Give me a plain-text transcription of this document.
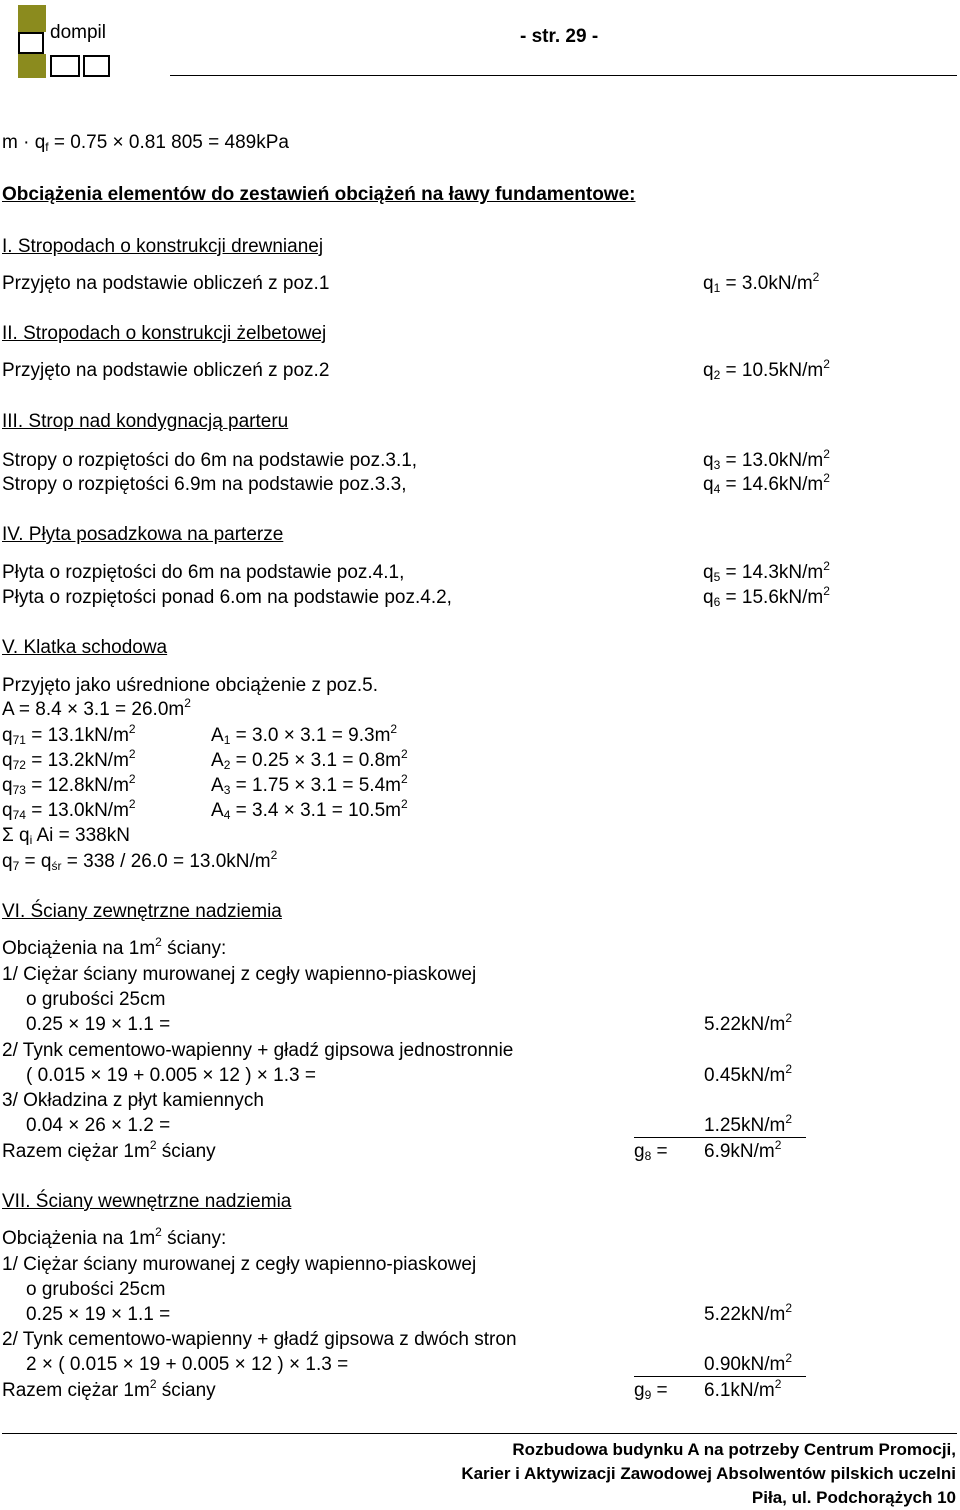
dompil	- str. 29 -
$m \cdot q_f = 0.75 \times 0.81$ 805 = 489kPa
Obciążenia elementów do zestawień obciążeń na ławy fundamentowe:
I. Stropodach o konstrukcji drewnianej
Przyjęto na podstawie obliczeń z poz.1	$q_1 = 3.0kN/m^2$
II. Stropodach o konstrukcji żelbetowej
Przyjęto na podstawie obliczeń z poz.2	$q_2 = 10.5kN/m^2$
III. Strop nad kondygnacją parteru
Stropy o rozpiętości do 6m na podstawie poz.3.1,	$q_3 = 13.0kN/m^2$
Stropy o rozpiętości 6.9m na podstawie poz.3.3,	$q_4 = 14.6kN/m^2$
IV. Płyta posadzkowa na parterze
Płyta o rozpiętości do 6m na podstawie poz.4.1,	$q_5 = 14.3kN/m^2$
Płyta o rozpiętości ponad 6.om na podstawie poz.4.2,	$q_6 = 15.6kN/m^2$
V. Klatka schodowa
Przyjęto jako uśrednione obciążenie z poz.5.
$A = 8.4 \times 3.1 = 26.0m^2$
$q_{71} = 13.1kN/m^2$	$A_1 = 3.0 \times 3.1 = 9.3m^2$
$q_{72} = 13.2kN/m^2$	$A_2 = 0.25 \times 3.1 = 0.8m^2$
$q_{73} = 12.8kN/m^2$	$A_3 = 1.75 \times 3.1 = 5.4m^2$
$q_{74} = 13.0kN/m^2$	$A_4 = 3.4 \times 3.1 = 10.5m^2$
Σ $q_i$ Ai = 338kN
$q_7 = q_{śr} = 338 / 26.0 = 13.0kN/m^2$
VI. Ściany zewnętrzne nadziemia
Obciążenia na $1m^2$ ściany:
1/ Ciężar ściany murowanej z cegły wapienno-piaskowej
o grubości 25cm
0.25 × 19 × 1.1 =	$5.22kN/m^2$
2/ Tynk cementowo-wapienny + gładź gipsowa jednostronnie
( 0.015 × 19 + 0.005 × 12 ) × 1.3 =	$0.45kN/m^2$
3/ Okładzina z płyt kamiennych
0.04 × 26 × 1.2 =	$1.25kN/m^2$
Razem ciężar $1m^2$ ściany	$g_8 = 6.9kN/m^2$
VII. Ściany wewnętrzne nadziemia
Obciążenia na $1m^2$ ściany:
1/ Ciężar ściany murowanej z cegły wapienno-piaskowej
o grubości 25cm
0.25 × 19 × 1.1 =	$5.22kN/m^2$
2/ Tynk cementowo-wapienny + gładź gipsowa z dwóch stron
2 × ( 0.015 × 19 + 0.005 × 12 ) × 1.3 =	$0.90kN/m^2$
Razem ciężar $1m^2$ ściany	$g_9 = 6.1kN/m^2$
Rozbudowa budynku A na potrzeby Centrum Promocji,
Karier i Aktywizacji Zawodowej Absolwentów pilskich uczelni
Piła, ul. Podchorążych 10
